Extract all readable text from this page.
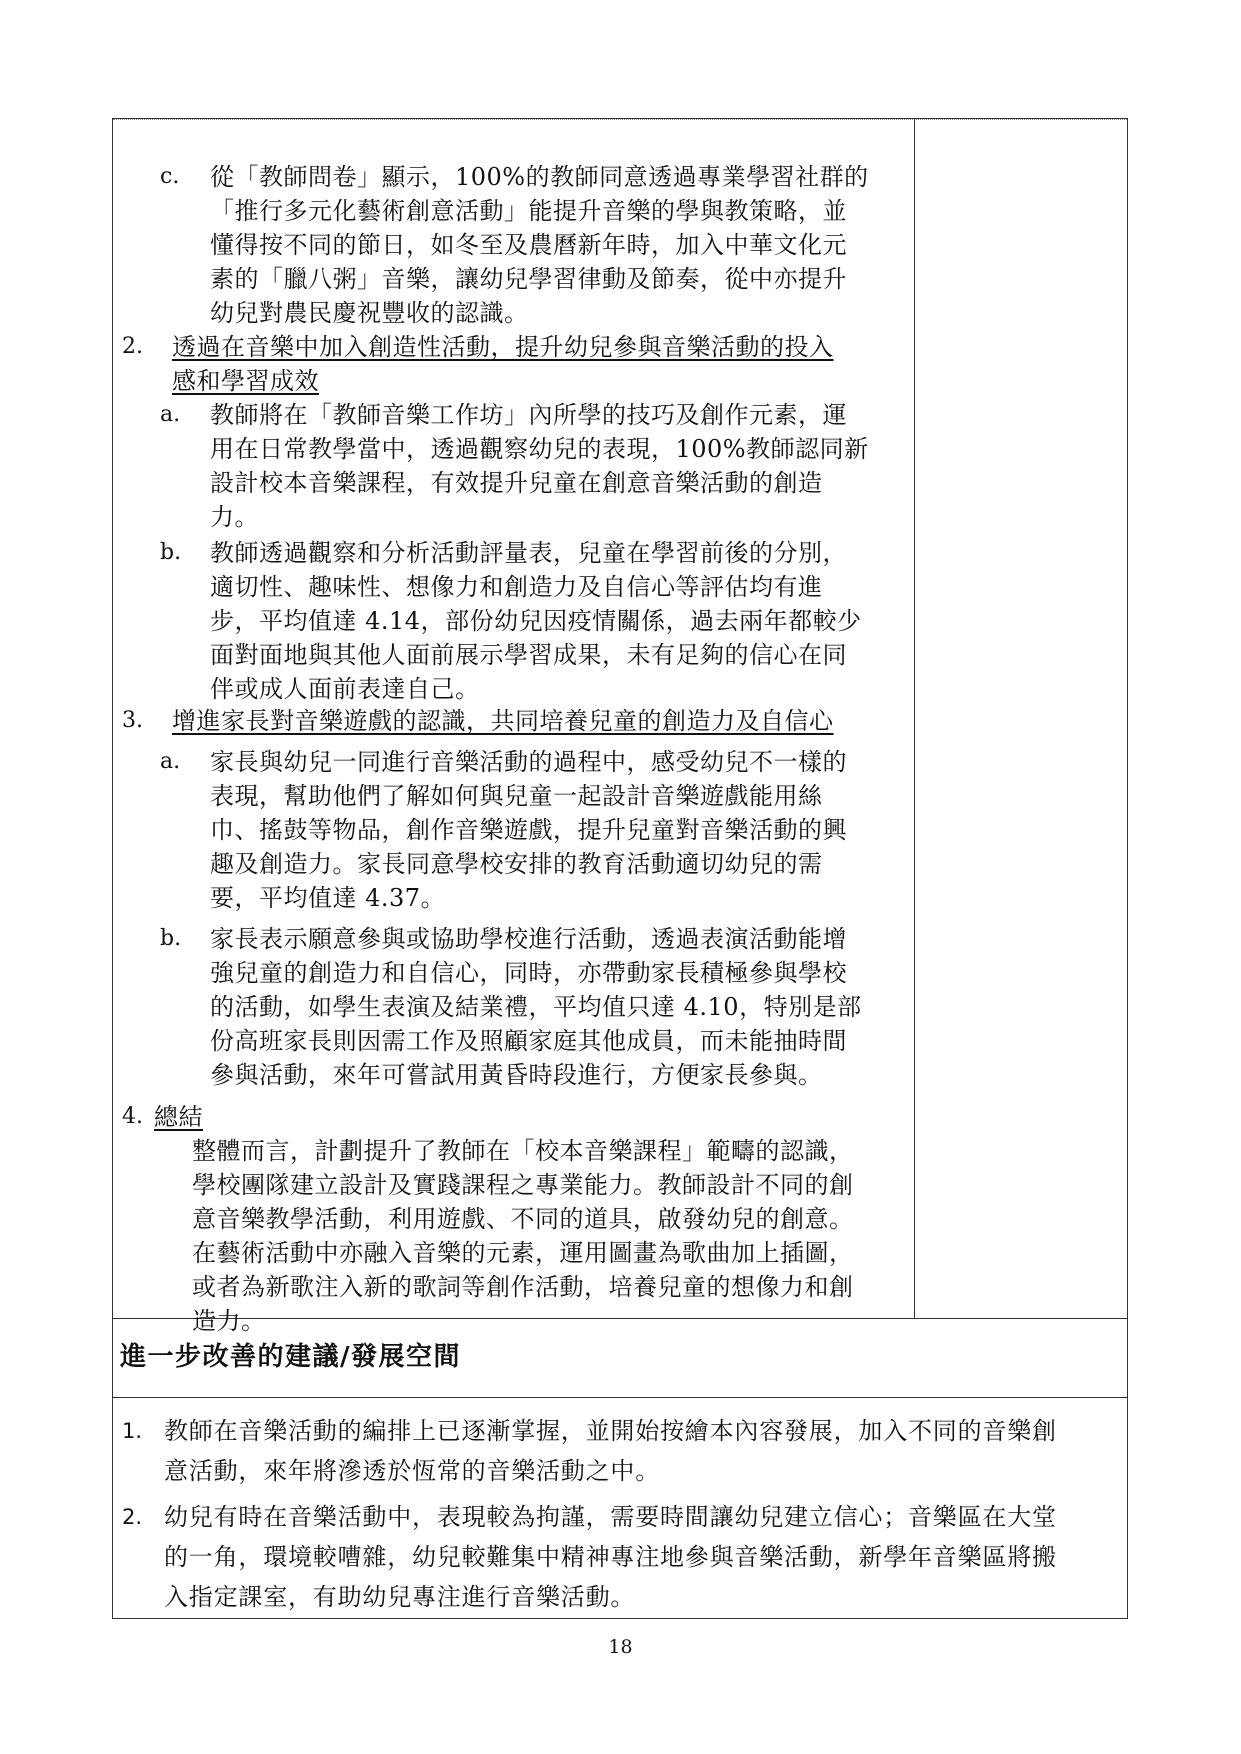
c. 從「教師問卷」顯示，100%的教師同意透過專業學習社群的
「推行多元化藝術創意活動」能提升音樂的學與教策略，並
懂得按不同的節日，如冬至及農曆新年時，加入中華文化元
素的「臘八粥」音樂，讓幼兒學習律動及節奏，從中亦提升
幼兒對農民慶祝豐收的認識。
2. 透過在音樂中加入創造性活動，提升幼兒參與音樂活動的投入
感和學習成效
a. 教師將在「教師音樂工作坊」內所學的技巧及創作元素，運
用在日常教學當中，透過觀察幼兒的表現，100%教師認同新
設計校本音樂課程，有效提升兒童在創意音樂活動的創造
力。
b. 教師透過觀察和分析活動評量表，兒童在學習前後的分別，
適切性、趣味性、想像力和創造力及自信心等評估均有進
步，平均值達 4.14，部份幼兒因疫情關係，過去兩年都較少
面對面地與其他人面前展示學習成果，未有足夠的信心在同
伴或成人面前表達自己。
3. 增進家長對音樂遊戲的認識，共同培養兒童的創造力及自信心
a. 家長與幼兒一同進行音樂活動的過程中，感受幼兒不一樣的
表現，幫助他們了解如何與兒童一起設計音樂遊戲能用絲
巾、搖鼓等物品，創作音樂遊戲，提升兒童對音樂活動的興
趣及創造力。家長同意學校安排的教育活動適切幼兒的需
要，平均值達 4.37。
b. 家長表示願意參與或協助學校進行活動，透過表演活動能增
強兒童的創造力和自信心，同時，亦帶動家長積極參與學校
的活動，如學生表演及結業禮，平均值只達 4.10，特別是部
份高班家長則因需工作及照顧家庭其他成員，而未能抽時間
參與活動，來年可嘗試用黃昏時段進行，方便家長參與。
4. 總結
整體而言，計劃提升了教師在「校本音樂課程」範疇的認識，
學校團隊建立設計及實踐課程之專業能力。教師設計不同的創
意音樂教學活動，利用遊戲、不同的道具，啟發幼兒的創意。
在藝術活動中亦融入音樂的元素，運用圖畫為歌曲加上插圖，
或者為新歌注入新的歌詞等創作活動，培養兒童的想像力和創
造力。
進一步改善的建議/發展空間
1. 教師在音樂活動的編排上已逐漸掌握，並開始按繪本內容發展，加入不同的音樂創
意活動，來年將滲透於恆常的音樂活動之中。
2. 幼兒有時在音樂活動中，表現較為拘謹，需要時間讓幼兒建立信心；音樂區在大堂
的一角，環境較嘈雜，幼兒較難集中精神專注地參與音樂活動，新學年音樂區將搬
入指定課室，有助幼兒專注進行音樂活動。
18
